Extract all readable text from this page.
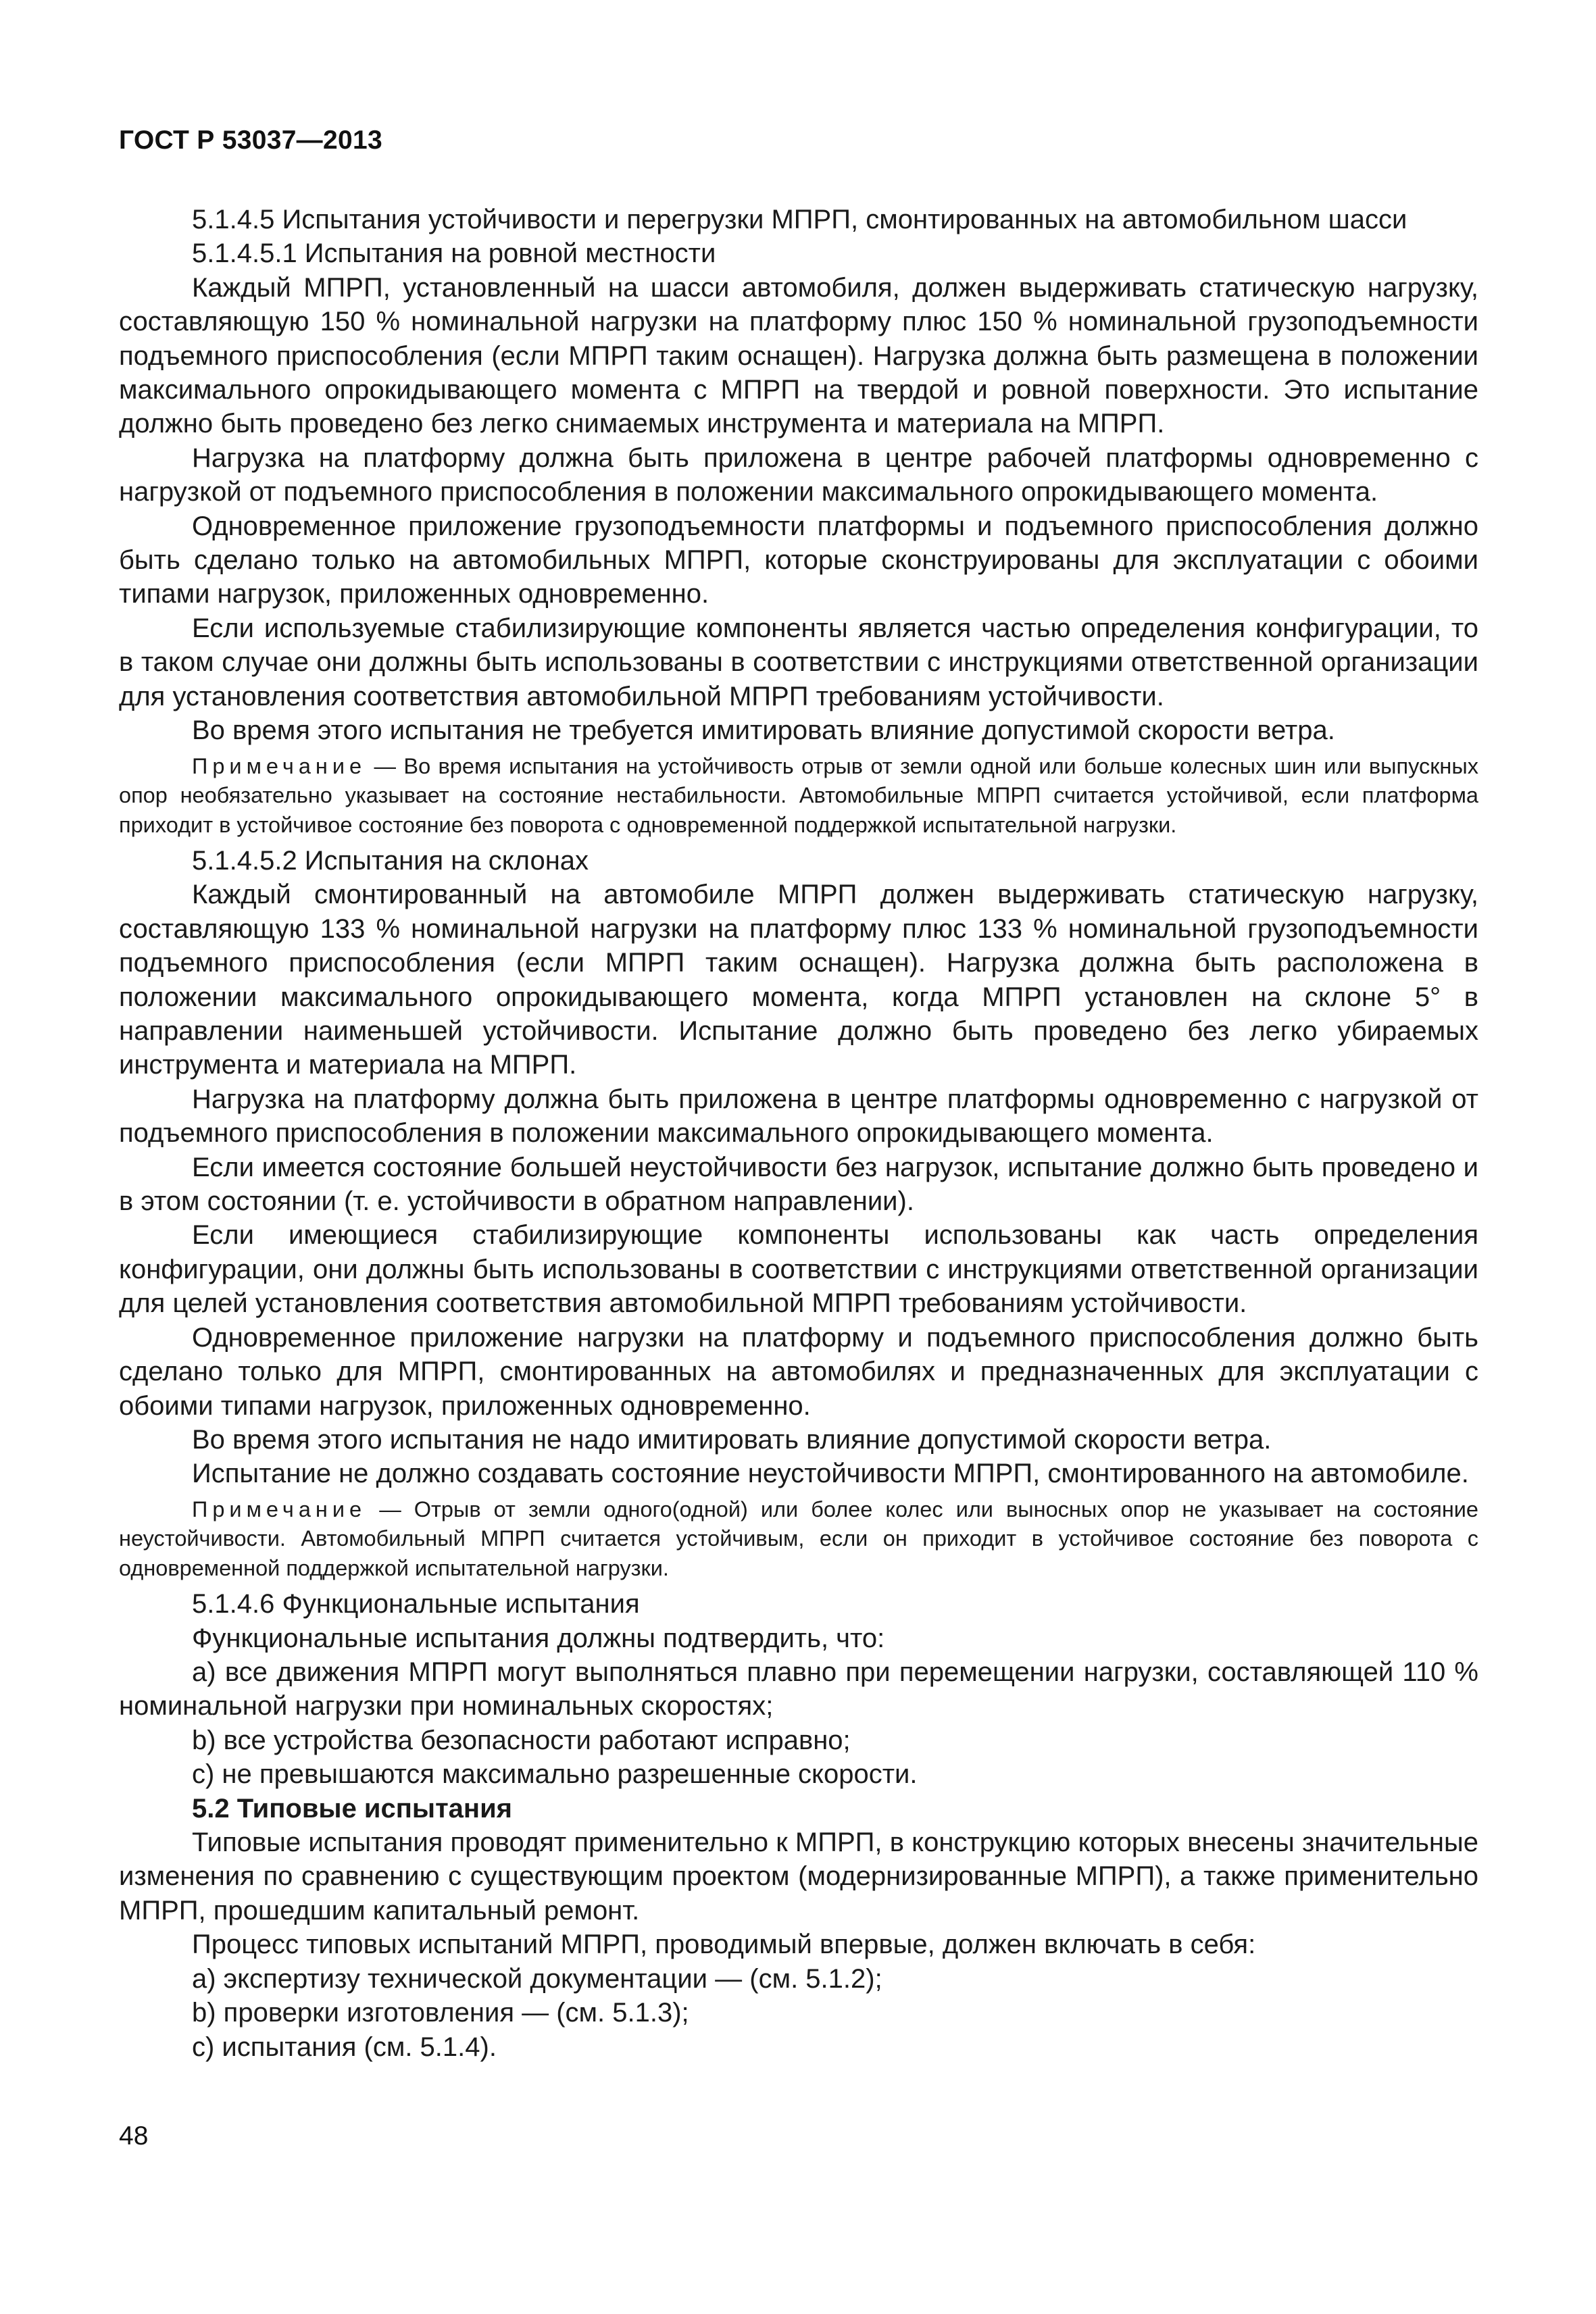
ГОСТ Р 53037—2013

5.1.4.5 Испытания устойчивости и перегрузки МПРП, смонтированных на автомобильном шасси

5.1.4.5.1 Испытания на ровной местности

Каждый МПРП, установленный на шасси автомобиля, должен выдерживать статическую нагрузку, составляющую 150 % номинальной нагрузки на платформу плюс 150 % номинальной грузоподъемности подъемного приспособления (если МПРП таким оснащен). Нагрузка должна быть размещена в положении максимального опрокидывающего момента с МПРП на твердой и ровной поверхности. Это испытание должно быть проведено без легко снимаемых инструмента и материала на МПРП.

Нагрузка на платформу должна быть приложена в центре рабочей платформы одновременно с нагрузкой от подъемного приспособления в положении максимального опрокидывающего момента.

Одновременное приложение грузоподъемности платформы и подъемного приспособления должно быть сделано только на автомобильных МПРП, которые сконструированы для эксплуатации с обоими типами нагрузок, приложенных одновременно.

Если используемые стабилизирующие компоненты является частью определения конфигурации, то в таком случае они должны быть использованы в соответствии с инструкциями ответственной организации для установления соответствия автомобильной МПРП требованиям устойчивости.

Во время этого испытания не требуется имитировать влияние допустимой скорости ветра.

Примечание — Во время испытания на устойчивость отрыв от земли одной или больше колесных шин или выпускных опор необязательно указывает на состояние нестабильности. Автомобильные МПРП считается устойчивой, если платформа приходит в устойчивое состояние без поворота с одновременной поддержкой испытательной нагрузки.

5.1.4.5.2 Испытания на склонах

Каждый смонтированный на автомобиле МПРП должен выдерживать статическую нагрузку, составляющую 133 % номинальной нагрузки на платформу плюс 133 % номинальной грузоподъемности подъемного приспособления (если МПРП таким оснащен). Нагрузка должна быть расположена в положении максимального опрокидывающего момента, когда МПРП установлен на склоне 5° в направлении наименьшей устойчивости. Испытание должно быть проведено без легко убираемых инструмента и материала на МПРП.

Нагрузка на платформу должна быть приложена в центре платформы одновременно с нагрузкой от подъемного приспособления в положении максимального опрокидывающего момента.

Если имеется состояние большей неустойчивости без нагрузок, испытание должно быть проведено и в этом состоянии (т. е. устойчивости в обратном направлении).

Если имеющиеся стабилизирующие компоненты использованы как часть определения конфигурации, они должны быть использованы в соответствии с инструкциями ответственной организации для целей установления соответствия автомобильной МПРП требованиям устойчивости.

Одновременное приложение нагрузки на платформу и подъемного приспособления должно быть сделано только для МПРП, смонтированных на автомобилях и предназначенных для эксплуатации с обоими типами нагрузок, приложенных одновременно.

Во время этого испытания не надо имитировать влияние допустимой скорости ветра.

Испытание не должно создавать состояние неустойчивости МПРП, смонтированного на автомобиле.

Примечание — Отрыв от земли одного(одной) или более колес или выносных опор не указывает на состояние неустойчивости. Автомобильный МПРП считается устойчивым, если он приходит в устойчивое состояние без поворота с одновременной поддержкой испытательной нагрузки.

5.1.4.6 Функциональные испытания

Функциональные испытания должны подтвердить, что:

a) все движения МПРП могут выполняться плавно при перемещении нагрузки, составляющей 110 % номинальной нагрузки при номинальных скоростях;

b) все устройства безопасности работают исправно;

c) не превышаются максимально разрешенные скорости.

5.2 Типовые испытания

Типовые испытания проводят применительно к МПРП, в конструкцию которых внесены значительные изменения по сравнению с существующим проектом (модернизированные МПРП), а также применительно МПРП, прошедшим капитальный ремонт.

Процесс типовых испытаний МПРП, проводимый впервые, должен включать в себя:

a) экспертизу технической документации — (см. 5.1.2);

b) проверки изготовления — (см. 5.1.3);

c) испытания (см. 5.1.4).

48
